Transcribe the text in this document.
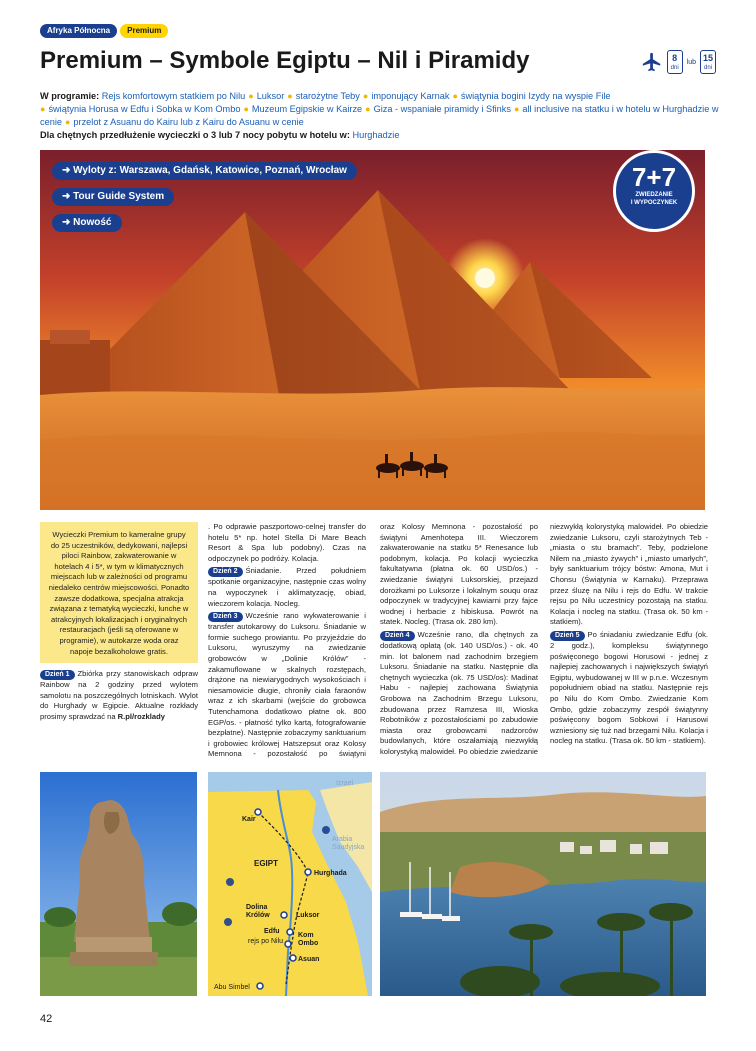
Afryka Północna	Premium
Premium – Symbole Egiptu – Nil i Piramidy	8
dni
lub 15
dni
W programie: Rejs komfortowym statkiem po Nilu ● Luksor ● starożytne Teby ● imponujący Karnak ● świątynia bogini Izydy na wyspie File
● świątynia Horusa w Edfu i Sobka w Kom Ombo ● Muzeum Egipskie w Kairze ● Giza - wspaniałe piramidy i Sfinks ● all inclusive na statku i w hotelu w Hurghadzie w cenie ● przelot z Asuanu do Kairu lub z Kairu do Asuanu w cenie
Dla chętnych przedłużenie wycieczki o 3 lub 7 nocy pobytu w hotelu w: Hurghadzie
➜ Wyloty z: Warszawa, Gdańsk, Katowice, Poznań, Wrocław
➜ Tour Guide System
➜ Nowość
7+7
ZWIEDZANIE
I WYPOCZYNEK
Wycieczki Premium to kameralne grupy do 25 uczestników, dedykowani, najlepsi piloci Rainbow, zakwaterowanie w hotelach 4 i 5*, w tym w klimatycznych miejscach lub w zależności od programu niedaleko centrów miejscowości. Ponadto zawsze dodatkowa, specjalna atrakcja związana z tematyką wycieczki, lunche w atrakcyjnych lokalizacjach i oryginalnych restauracjach (jeśli są oferowane w programie), w autokarze woda oraz napoje bezalkoholowe gratis.

Dzień 1 Zbiórka przy stanowiskach odpraw Rainbow na 2 godziny przed wylotem samolotu na poszczególnych lotniskach. Wylot do Hurghady w Egipcie. Aktualne rozkłady prosimy sprawdzać na R.pl/rozklady

. Po odprawie paszportowo-celnej transfer do hotelu 5* np. hotel Stella Di Mare Beach Resort & Spa lub podobny). Czas na odpoczynek po podróży. Kolacja.

Dzień 2 Śniadanie. Przed południem spotkanie organizacyjne, następnie czas wolny na wypoczynek i aklimatyzację, obiad, wieczorem kolacja. Nocleg.

Dzień 3 Wcześnie rano wykwaterowanie i transfer autokarowy do Luksoru. Śniadanie w formie suchego prowiantu. Po przyjeździe do Luksoru, wyruszymy na zwiedzanie grobowców w „Dolinie Królów” - zakamuflowane w skalnych rozstępach, drążone na niewiarygodnych wysokościach i niesamowicie długie, chroniły ciała faraonów wraz z ich skarbami (wejście do grobowca Tutenchamona dodatkowo płatne ok. 800 EGP/os. - płatność tylko kartą, fotografowanie bezpłatne). Następnie zobaczymy sanktuarium i grobowiec królowej Hatszepsut oraz Kolosy Memnona - pozostałość po świątyni

oraz Kolosy Memnona - pozostałość po świątyni Amenhotepa III. Wieczorem zakwaterowanie na statku 5* Renesance lub podobnym, kolacja. Po kolacji wycieczka fakultatywna (płatna ok. 60 USD/os.) - zwiedzanie świątyni Luksorskiej, przejazd dorożkami po Luksorze i lokalnym souqu oraz odpoczynek w tradycyjnej kawiarni przy fajce wodnej i herbacie z hibiskusa. Powrót na statek. Nocleg. (Trasa ok. 280 km).

Dzień 4 Wcześnie rano, dla chętnych za dodatkową opłatą (ok. 140 USD/os.) - ok. 40 min. lot balonem nad zachodnim brzegiem Luksoru. Śniadanie na statku. Następnie dla chętnych wycieczka (ok. 75 USD/os): Madinat Habu - najlepiej zachowana Świątynia Grobowa na Zachodnim Brzegu Luksoru, zbudowana przez Ramzesa III, Wioska Robotników z pozostałościami po zabudowie miasta oraz grobowcami nadzorców budowlanych, które oszałamiają niezwykłą kolorystyką malowideł. Po obiedzie zwiedzanie

niezwykłą kolorystyką malowideł. Po obiedzie zwiedzanie Luksoru, czyli starożytnych Teb - „miasta o stu bramach”. Teby, podzielone Nilem na „miasto żywych” i „miasto umarłych”, były sanktuarium trójcy bóstw: Amona, Mut i Chonsu (Świątynia w Karnaku). Przeprawa przez śluzę na Nilu i rejs do Edfu. W trakcie rejsu po Nilu uczestnicy pozostają na statku. Kolacja i nocleg na statku. (Trasa ok. 50 km - statkiem).

Dzień 5 Po śniadaniu zwiedzanie Edfu (ok. 2 godz.), kompleksu świątynnego poświęconego bogowi Horusowi - jednej z najlepiej zachowanych i największych świątyń Egiptu, wybudowanej w III w p.n.e. Wczesnym popołudniem obiad na statku. Następnie rejs po Nilu do Kom Ombo. Zwiedzanie Kom Ombo, gdzie zobaczymy zespół świątynny poświęcony bogom Sobkowi i Harusowi wzniesiony się tuż nad brzegami Nilu. Kolacja i nocleg na statku. (Trasa ok. 50 km - statkiem).

Kair
Hurghada
Dolina Królów	Luksor
Edfu
rejs po Nilu
Kom Ombo
Asuan
Abu Simbel
EGIPT
Izrael
Arabia Saudyjska
42
